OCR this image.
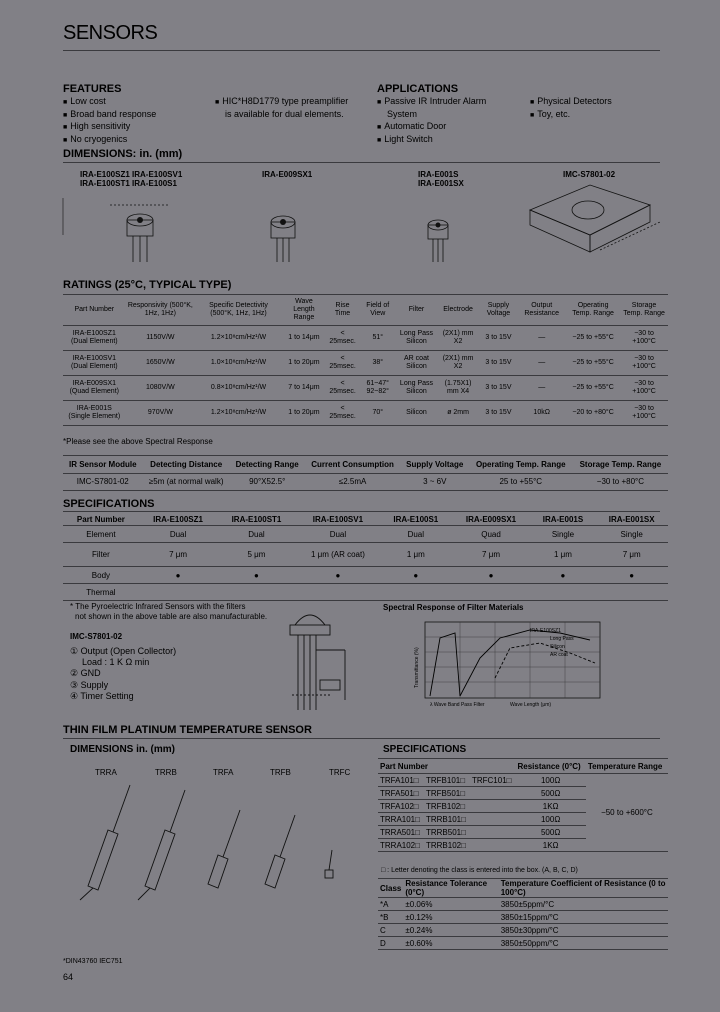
SENSORS
FEATURES
■ Low cost
■ Broad band response
■ High sensitivity
■ No cryogenics
■ HIC*H8D1779 type preamplifier
is available for dual elements.
APPLICATIONS
■ Passive IR Intruder Alarm
System
■ Automatic Door
■ Light Switch
■ Physical Detectors
■ Toy, etc.
DIMENSIONS: in. (mm)
IRA-E100SZ1 IRA-E100SV1
IRA-E100ST1 IRA-E100S1
IRA-E009SX1	IRA-E001S
IRA-E001SX
IMC-S7801-02
RATINGS (25°C, TYPICAL TYPE)
Part Number	Responsivity (500°K, 1Hz, 1Hz)	Specific Detectivity (500°K, 1Hz, 1Hz)	Wave Length Range	Rise Time	Field of View	Filter	Electrode	Supply Voltage	Output Resistance	Operating Temp. Range	Storage Temp. Range
IRA-E100SZ1 (Dual Element)	1150V/W	1.2×10⁸cm/Hz¹/W	1 to 14μm	< 25msec.	51°	Long Pass Silicon	(2X1) mm X2	3 to 15V	—	−25 to +55°C	−30 to +100°C
IRA-E100SV1 (Dual Element)	1650V/W	1.0×10⁸cm/Hz¹/W	1 to 20μm	< 25msec.	38°	AR coat Silicon	(2X1) mm X2	3 to 15V	—	−25 to +55°C	−30 to +100°C
IRA-E009SX1 (Quad Element)	1080V/W	0.8×10⁸cm/Hz¹/W	7 to 14μm	< 25msec.	61~47° 92~82°	Long Pass Silicon	(1.75X1) mm X4	3 to 15V	—	−25 to +55°C	−30 to +100°C
IRA-E001S (Single Element)	970V/W	1.2×10⁸cm/Hz¹/W	1 to 20μm	< 25msec.	70°	Silicon	ø 2mm	3 to 15V	10kΩ	−20 to +80°C	−30 to +100°C
*Please see the above Spectral Response
IR Sensor Module	Detecting Distance	Detecting Range	Current Consumption	Supply Voltage	Operating Temp. Range	Storage Temp. Range
IMC-S7801-02	≥5m (at normal walk)	90°X52.5°	≤2.5mA	3 ~ 6V	25 to +55°C	−30 to +80°C
SPECIFICATIONS
Part Number	IRA-E100SZ1	IRA-E100ST1	IRA-E100SV1	IRA-E100S1	IRA-E009SX1	IRA-E001S	IRA-E001SX
Element	Dual	Dual	Dual	Dual	Quad	Single	Single
Filter	7 μm	5 μm	1 μm (AR coat)	1 μm	7 μm	1 μm	7 μm
Body	●	●	●	●	●	●	●
Thermal							
* The Pyroelectric Infrared Sensors with the filters
not shown in the above table are also manufacturable.
IMC-S7801-02
① Output (Open Collector)
Load : 1 K Ω min
② GND
③ Supply
④ Timer Setting
Spectral Response of Filter Materials
IRA-E100SZ1
Long Pass
Silicon
AR coat
λ Wave Band Pass Filter	Wave Length (μm)
Transmittance (%)
THIN FILM PLATINUM TEMPERATURE SENSOR
DIMENSIONS in. (mm)
TRRA	TRRB	TRFA	TRFB	TRFC
SPECIFICATIONS
Part Number			Resistance (0°C)	Temperature Range
TRFA101□	TRFB101□	TRFC101□	100Ω	−50 to +600°C
TRFA501□	TRFB501□		500Ω	
TRFA102□	TRFB102□		1KΩ	
TRRA101□	TRRB101□		100Ω	
TRRA501□	TRRB501□		500Ω	
TRRA102□	TRRB102□		1KΩ	
□ : Letter denoting the class is entered into the box. (A, B, C, D)
Class	Resistance Tolerance (0°C)	Temperature Coefficient of Resistance (0 to 100°C)
*A	±0.06%	3850±5ppm/°C
*B	±0.12%	3850±15ppm/°C
C	±0.24%	3850±30ppm/°C
D	±0.60%	3850±50ppm/°C
*DIN43760 IEC751
64
